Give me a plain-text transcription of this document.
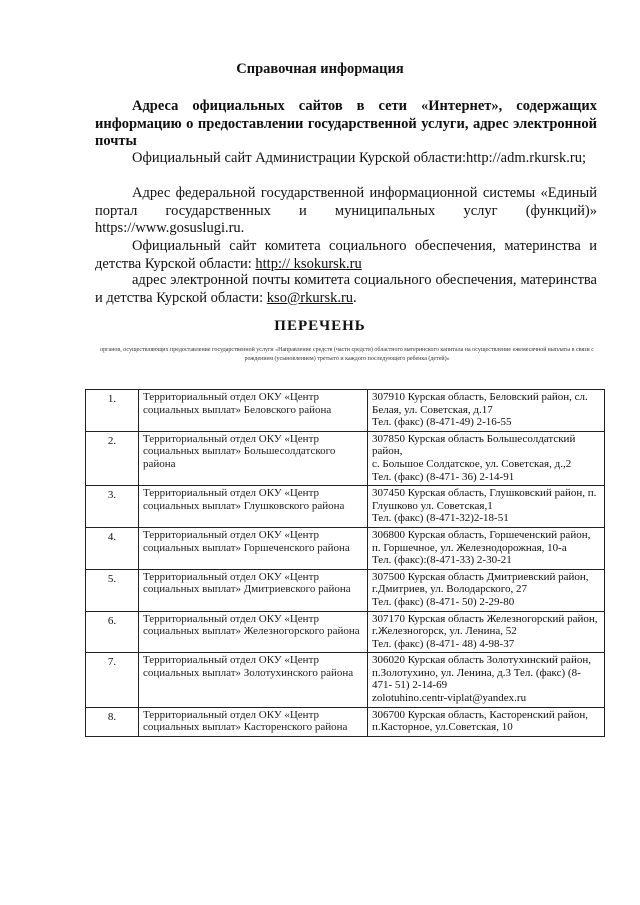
Справочная информация
Адреса официальных сайтов в сети «Интернет», содержащих информацию о предоставлении государственной услуги, адрес электронной почты
Официальный сайт Администрации Курской области:http://adm.rkursk.ru;
Адрес федеральной государственной информационной системы «Единый портал государственных и муниципальных услуг (функций)» https://www.gosuslugi.ru.
Официальный сайт комитета социального обеспечения, материнства и детства Курской области: http:// ksokursk.ru
адрес электронной почты комитета социального обеспечения, материнства и детства Курской области: kso@rkursk.ru.
ПЕРЕЧЕНЬ
органов, осуществляющих предоставление государственной услуги «Направление средств (части средств) областного материнского капитала на осуществление ежемесячной выплаты в связи с рождением (усыновлением) третьего и каждого последующего ребенка (детей)»
1.	Территориальный отдел ОКУ «Центр социальных выплат» Беловского района	307910 Курская область, Беловский район, сл. Белая, ул. Советская, д.17
Тел. (факс) (8-471-49) 2-16-55
2.	Территориальный отдел ОКУ «Центр социальных выплат» Большесолдатского района	307850 Курская область Большесолдатский район,
с. Большое Солдатское, ул. Советская, д.,2
Тел. (факс) (8-471- 36) 2-14-91
3.	Территориальный отдел ОКУ «Центр социальных выплат» Глушковского района	307450 Курская область, Глушковский район, п. Глушково ул. Советская,1
Тел. (факс) (8-471-32)2-18-51
4.	Территориальный отдел ОКУ «Центр социальных выплат» Горшеченского района	306800 Курская область, Горшеченский район,
п. Горшечное, ул. Железнодорожная, 10-а
Тел. (факс):(8-471-33) 2-30-21
5.	Территориальный отдел ОКУ «Центр социальных выплат» Дмитриевского района	307500 Курская область Дмитриевский район, г.Дмитриев, ул. Володарского, 27
Тел. (факс) (8-471- 50) 2-29-80
6.	Территориальный отдел ОКУ «Центр социальных выплат» Железногорского района	307170 Курская область Железногорский район,
г.Железногорск, ул. Ленина, 52
Тел. (факс) (8-471- 48) 4-98-37
7.	Территориальный отдел ОКУ «Центр социальных выплат» Золотухинского района	306020 Курская область Золотухинский район, п.Золотухино, ул. Ленина, д.3 Тел. (факс) (8-471- 51) 2-14-69
zolotuhino.centr-viplat@yandex.ru
8.	Территориальный отдел ОКУ «Центр социальных выплат» Касторенского района	306700 Курская область, Касторенский район, п.Касторное, ул.Советская, 10
